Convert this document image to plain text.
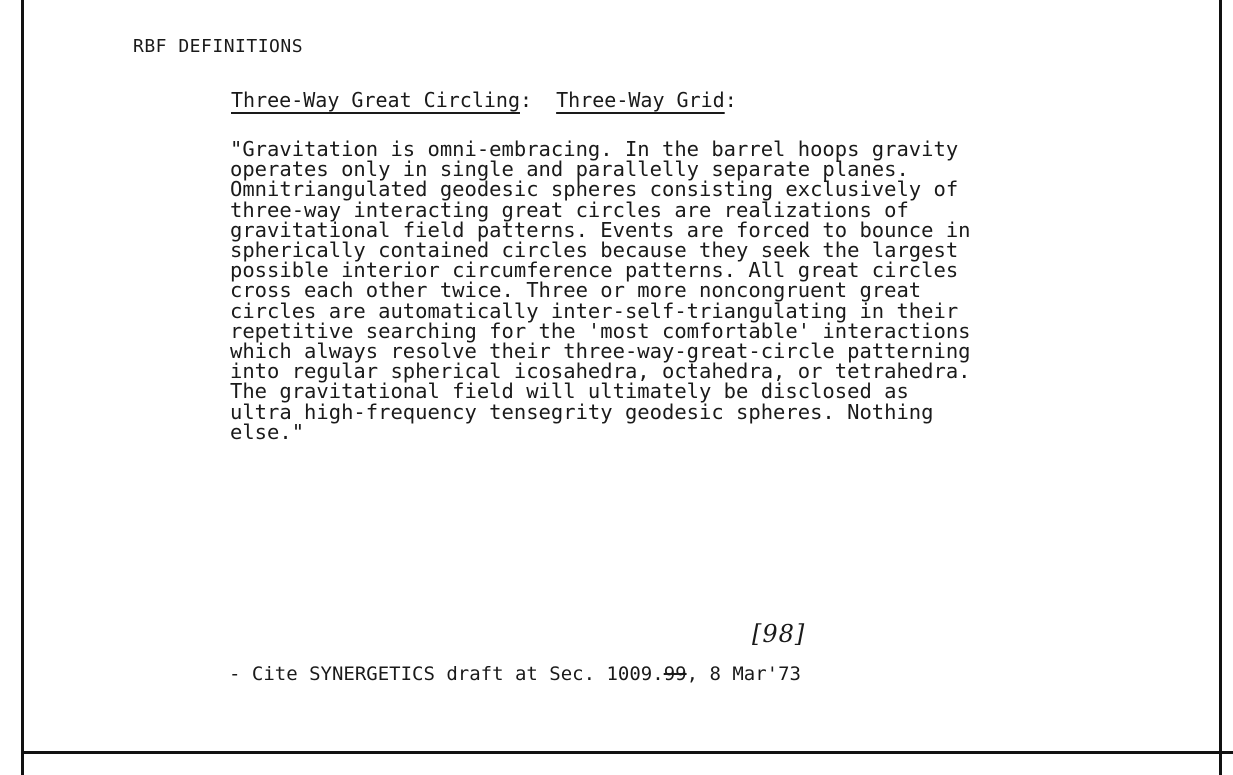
RBF DEFINITIONS
Three-Way Great Circling: Three-Way Grid:
"Gravitation is omni-embracing. In the barrel hoops gravity
operates only in single and parallelly separate planes.
Omnitriangulated geodesic spheres consisting exclusively of
three-way interacting great circles are realizations of
gravitational field patterns. Events are forced to bounce in
spherically contained circles because they seek the largest
possible interior circumference patterns. All great circles
cross each other twice. Three or more noncongruent great
circles are automatically inter-self-triangulating in their
repetitive searching for the 'most comfortable' interactions
which always resolve their three-way-great-circle patterning
into regular spherical icosahedra, octahedra, or tetrahedra.
The gravitational field will ultimately be disclosed as
ultra high-frequency tensegrity geodesic spheres. Nothing
else."
[98]
- Cite SYNERGETICS draft at Sec. 1009.99, 8 Mar'73
